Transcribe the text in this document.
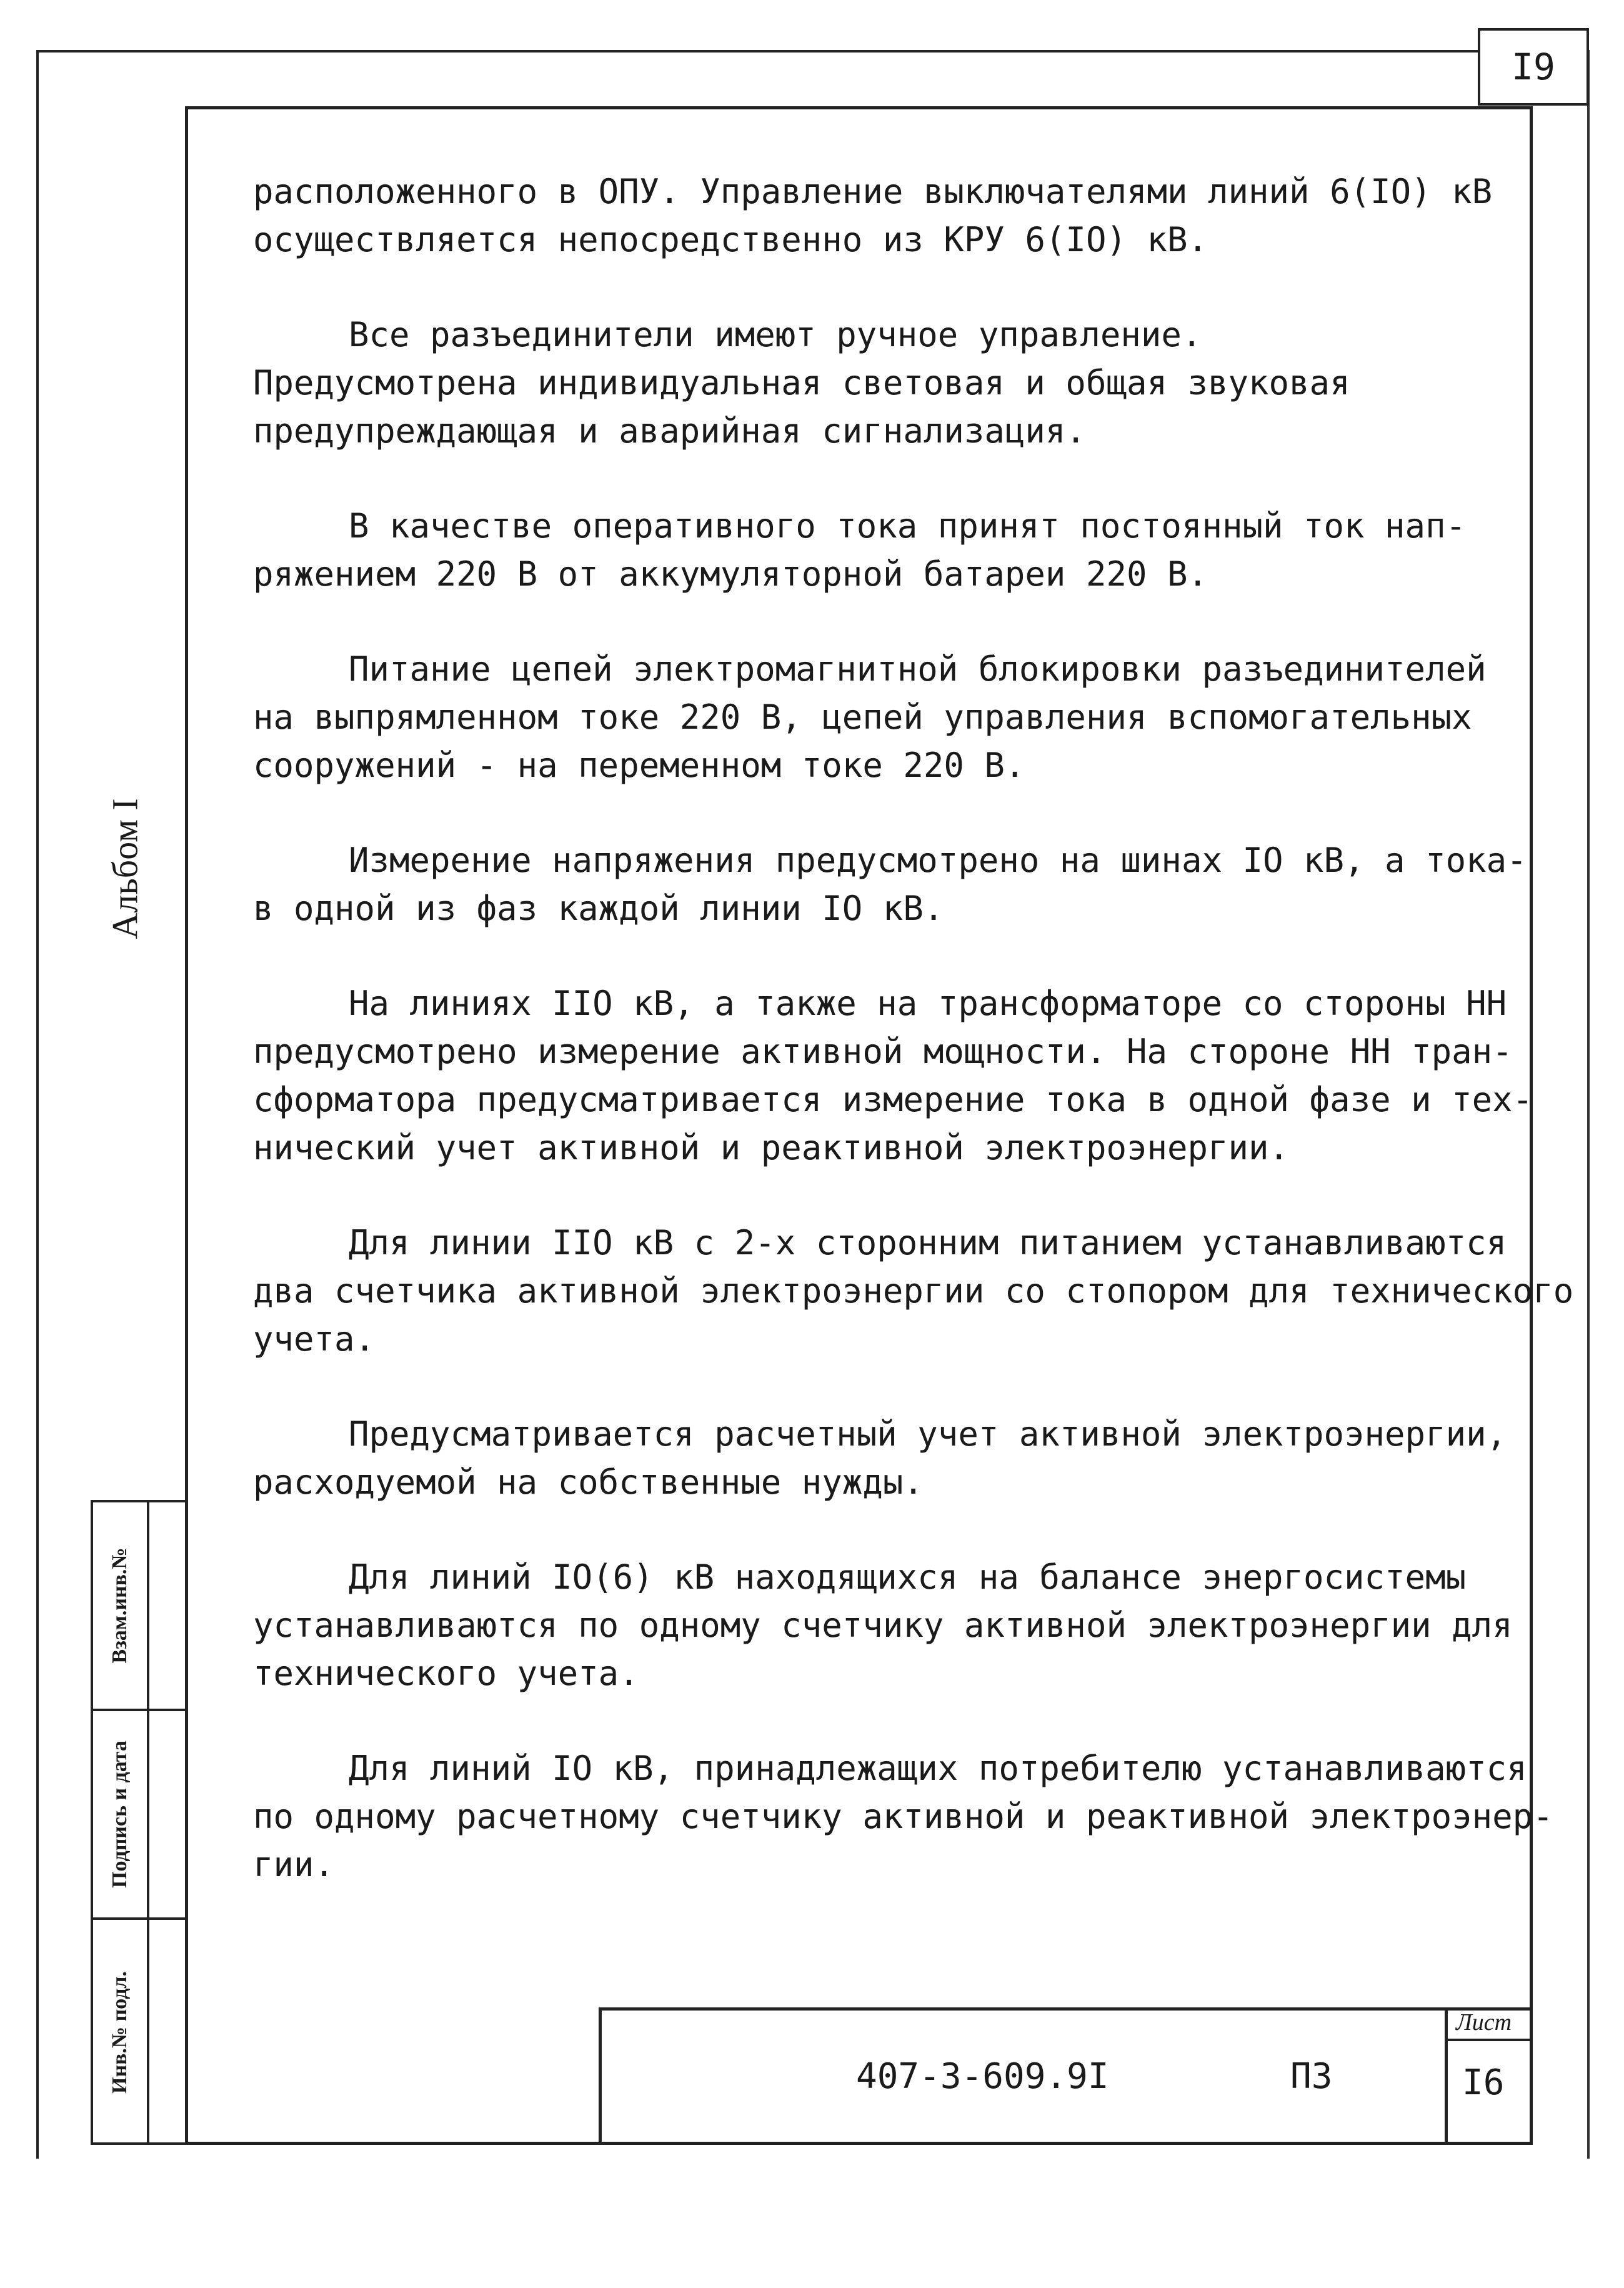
I9
Альбом I

расположенного в ОПУ. Управление выключателями линий 6(IО) кВ
осуществляется непосредственно из КРУ 6(IО) кВ.

Все разъединители имеют ручное управление.
Предусмотрена индивидуальная световая и общая звуковая
предупреждающая и аварийная сигнализация.

В качестве оперативного тока принят постоянный ток нап-
ряжением 220 В от аккумуляторной батареи 220 В.

Питание цепей электромагнитной блокировки разъединителей
на выпрямленном токе 220 В, цепей управления вспомогательных
сооружений - на переменном токе 220 В.

Измерение напряжения предусмотрено на шинах IО кВ, а тока-
в одной из фаз каждой линии IО кВ.

На линиях IIО кВ, а также на трансформаторе со стороны НН
предусмотрено измерение активной мощности. На стороне НН тран-
сформатора предусматривается измерение тока в одной фазе и тех-
нический учет активной и реактивной электроэнергии.

Для линии IIО кВ с 2-х сторонним питанием устанавливаются
два счетчика активной электроэнергии со стопором для технического
учета.

Предусматривается расчетный учет активной электроэнергии,
расходуемой на собственные нужды.

Для линий IО(6) кВ находящихся на балансе энергосистемы
устанавливаются по одному счетчику активной электроэнергии для
технического учета.

Для линий IО кВ, принадлежащих потребителю устанавливаются
по одному расчетному счетчику активной и реактивной электроэнер-
гии.

Взам.инв.№
Подпись и дата
Инв.№ подл.	407-3-609.9I	ПЗ
Лист
I6
